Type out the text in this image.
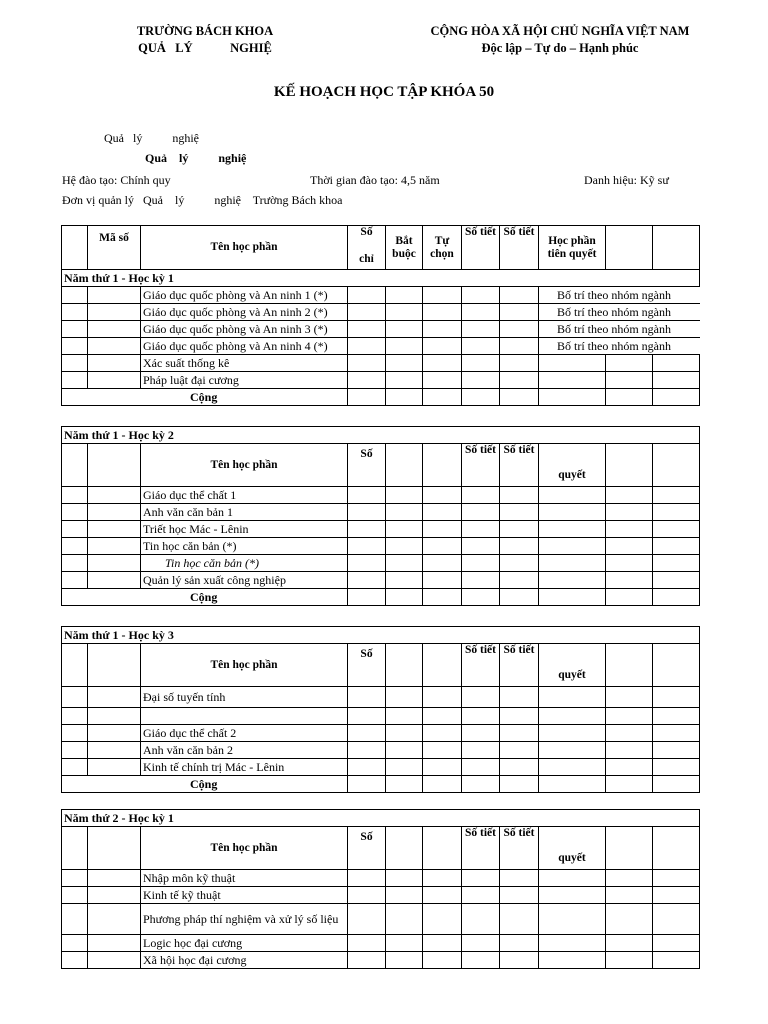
TRƯỜNG BÁCH KHOA
QUẢ   LÝ            NGHIỆ
CỘNG HÒA XÃ HỘI CHỦ NGHĨA VIỆT NAM
Độc lập – Tự do – Hạnh phúc
KẾ HOẠCH HỌC TẬP KHÓA 50
Quả   lý          nghiệ
Quả    lý          nghiệ
Hệ đào tạo: Chính quy	Thời gian đào tạo: 4,5 năm	Danh hiệu: Kỹ sư
Đơn vị quản lý   Quả    lý          nghiệ    Trường Bách khoa
	Mã số	Tên học phần	Số
chỉ	Bắt buộc	Tự chọn	Số tiết	Số tiết	Học phần tiên quyết		
Năm thứ 1 - Học kỳ 1										
		Giáo dục quốc phòng và An ninh 1 (*)						Bố trí theo nhóm ngành		
		Giáo dục quốc phòng và An ninh 2 (*)						Bố trí theo nhóm ngành		
		Giáo dục quốc phòng và An ninh 3 (*)						Bố trí theo nhóm ngành		
		Giáo dục quốc phòng và An ninh 4 (*)						Bố trí theo nhóm ngành		
		Xác suất thống kê								
		Pháp luật đại cương								
Cộng										
Năm thứ 1 - Học kỳ 2										
		Tên học phần	Số			Số tiết	Số tiết	quyết		
		Giáo dục thể chất 1								
		Anh văn căn bản 1								
		Triết học Mác - Lênin								
		Tin học căn bản (*)								
		Tin học căn bản (*)								
		Quản lý sản xuất công nghiệp								
Cộng										
Năm thứ 1 - Học kỳ 3										
		Tên học phần	Số			Số tiết	Số tiết	quyết		
		Đại số tuyến tính								

		Giáo dục thể chất 2								
		Anh văn căn bản 2								
		Kinh tế chính trị Mác - Lênin								
Cộng										
Năm thứ 2 - Học kỳ 1										
		Tên học phần	Số			Số tiết	Số tiết	quyết		
		Nhập môn kỹ thuật								
		Kinh tế kỹ thuật								
		Phương pháp thí nghiệm và xử lý số liệu								
		Logic học đại cương								
		Xã hội học đại cương								
